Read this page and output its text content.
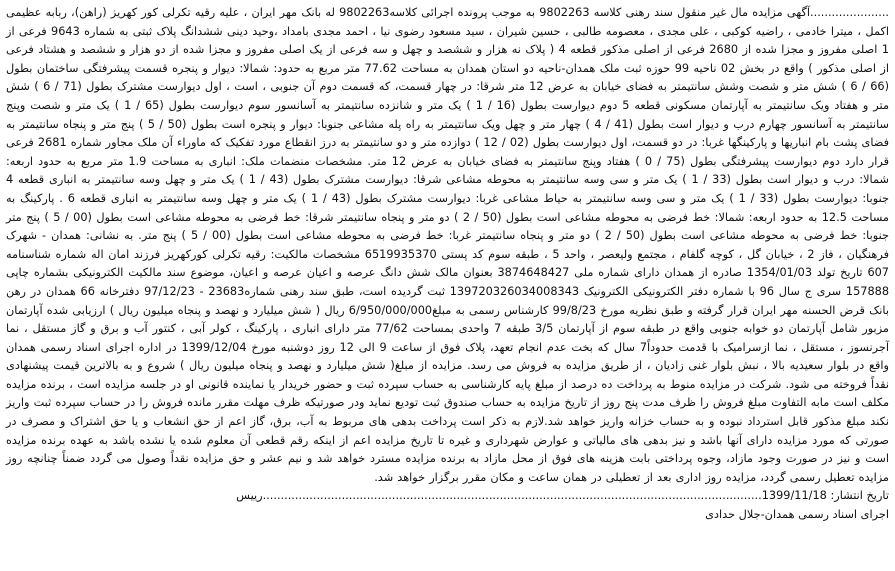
......................آگهی مزایده مال غیر منقول سند رهنی کلاسه 9802263 به موجب پرونده اجرائی کلاسه9802263 له بانک مهر ایران ، علیه رقیه تکرلی کور کهریز (راهن)، ربابه عظیمی اکمل ، میترا خادمی ، راضیه کوکبی ، علی مجدی ، معصومه طالبی ، حسین شیران ، سید مسعود رضوی نیا ، احمد مجدی بامداد ،وحید دینی ششدانگ پلاک ثبتی به شماره 9643 فرعی از 1 اصلی مفروز و مجزا شده از 2680 فرعی از اصلی مذکور قطعه 4 ( پلاک نه هزار و ششصد و چهل و سه فرعی از یک اصلی مفروز و مجزا شده از دو هزار و ششصد و هشتاد فرعی از اصلی مذکور ) واقع در بخش 02 ناحیه 99 حوزه ثبت ملک همدان-ناحیه دو استان همدان به مساحت 77.62 متر مربع به حدود: شمالا: دیوار و پنجره قسمت پیشرفتگی ساختمان بطول (66 / 6 ) شش متر و شصت وشش سانتیمتر به فضای خیابان به عرض 12 متر شرقا: در چهار قسمت، که قسمت دوم آن جنوبی ، است ، اول دیوارست مشترک بطول (71 / 6 ) شش متر و هفتاد ویک سانتیمتر به آپارتمان مسکونی قطعه 5 دوم دیوارست بطول (16 / 1 ) یک متر و شانزده سانتیمتر به آسانسور سوم دیوارست بطول (65 / 1 ) یک متر و شصت وپنج سانتیمتر به آسانسور چهارم درب و دیوار است بطول (41 / 4 ) چهار متر و چهل ویک سانتیمتر به راه پله مشاعی جنوبا: دیوار و پنجره است بطول (50 / 5 ) پنج متر و پنجاه سانتیمتر به فضای پشت بام انباریها و پارکینگها غربا: در دو قسمت، اول دیوارست بطول (02 / 12 ) دوازده متر و دو سانتیمتر به درز انقطاع مورد تفکیک که ماوراء آن ملک مجاور شماره 2681 فرعی قرار دارد دوم دیوارست پیشرفتگی بطول (75 / 0 ) هفتاد وپنج سانتیمتر به فضای خیابان به عرض 12 متر. مشخصات منضمات ملک: انباری به مساحت 1.9 متر مربع به حدود اربعه: شمالا: درب و دیوار است بطول (33 / 1 ) یک متر و سی وسه سانتیمتر به محوطه مشاعی شرقا: دیوارست مشترک بطول (43 / 1 ) یک متر و چهل وسه سانتیمتر به انباری قطعه 4 جنوبا: دیوارست بطول (33 / 1 ) یک متر و سی وسه سانتیمتر به حیاط مشاعی غربا: دیوارست مشترک بطول (43 / 1 ) یک متر و چهل وسه سانتیمتر به انباری قطعه 6 . پارکینگ به مساحت 12.5 به حدود اربعه: شمالا: خط فرضی به محوطه مشاعی است بطول (50 / 2 ) دو متر و پنجاه سانتیمتر شرقا: خط فرضی به محوطه مشاعی است بطول (00 / 5 ) پنج متر جنوبا: خط فرضی به محوطه مشاعی است بطول (50 / 2 ) دو متر و پنجاه سانتیمتر غربا: خط فرضی به محوطه مشاعی است بطول (00 / 5 ) پنج متر. به نشانی: همدان - شهرک فرهنگیان ، فاز 2 ، خیابان گل ، کوچه گلفام ، مجتمع ولیعصر ، واحد 5 ، طبقه سوم کد پستی 6519935370 مشخصات مالکیت: رقیه تکرلی کورکهریز فرزند امان اله شماره شناسنامه 607 تاریخ تولد 1354/01/03 صادره از همدان دارای شماره ملی 3874648427 بعنوان مالک شش دانگ عرصه و اعیان عرصه و اعیان، موضوع سند مالکیت الکترونیکی بشماره چاپی 157888 سری ج سال 96 با شماره دفتر الکترونیکی الکترونیک 139720326034008343 ثبت گردیده است، طبق سند رهنی شماره23683 - 97/12/23 دفترخانه 66 همدان در رهن بانک قرض الحسنه مهر ایران قرار گرفته و طبق نظریه مورخ 99/8/23 کارشناس رسمی به مبلغ6/950/000/000 ریال ( شش میلیارد و نهصد و پنجاه میلیون ریال ) ارزیابی شده آپارتمان مزبور شامل آپارتمان دو خوابه جنوبی واقع در طبقه سوم از آپارتمان 3/5 طبقه 7 واحدی بمساحت 77/62 متر دارای انباری ، پارکینگ ، کولر آبی ، کنتور آب و برق و گاز مستقل ، نما آجرنسوز ، مستقل ، نما ازسرامیک با قدمت حدوداً7 سال که بخت عدم انجام تعهد، پلاک فوق از ساعت 9 الی 12 روز دوشنبه مورخ 1399/12/04 در اداره اجرای اسناد رسمی همدان واقع در بلوار سعیدیه بالا ، نبش بلوار غنی زادیان ، از طریق مزایده به فروش می رسد. مزایده از مبلغ( شش میلیارد و نهصد و پنجاه میلیون ریال ) شروع و به بالاترین قیمت پیشنهادی نقداً فروخته می شود. شرکت در مزایده منوط به پرداخت ده درصد از مبلغ پایه کارشناسی به حساب سپرده ثبت و حضور خریدار یا نماینده قانونی او در جلسه مزایده است ، برنده مزایده مکلف است مابه التفاوت مبلغ فروش را ظرف مدت پنج روز از تاریخ مزایده به حساب صندوق ثبت تودیع نماید ودر صورتیکه ظرف مهلت مقرر مانده فروش را در حساب سپرده ثبت واریز نکند مبلغ مذکور قابل استرداد نبوده و به حساب خزانه واریز خواهد شد.لازم به ذکر است پرداخت بدهی های مربوط به آب، برق، گاز اعم از حق انشعاب و یا حق اشتراک و مصرف در صورتی که مورد مزایده دارای آنها باشد و نیز بدهی های مالیاتی و عوارض شهرداری و غیره تا تاریخ مزایده اعم از اینکه رقم قطعی آن معلوم شده یا نشده باشد به عهده برنده مزایده است و نیز در صورت وجود مازاد، وجوه پرداختی بابت هزینه های فوق از محل مازاد به برنده مزایده مسترد خواهد شد و نیم عشر و حق مزایده نقداً وصول می گردد ضمناً چنانچه روز مزایده تعطیل رسمی گردد، مزایده روز اداری بعد از تعطیلی در همان ساعت و مکان مقرر برگزار خواهد شد.

تاریخ انتشار: 1399/11/18...........................................................................................................................................رییس

اجرای اسناد رسمی همدان-جلال حدادی
